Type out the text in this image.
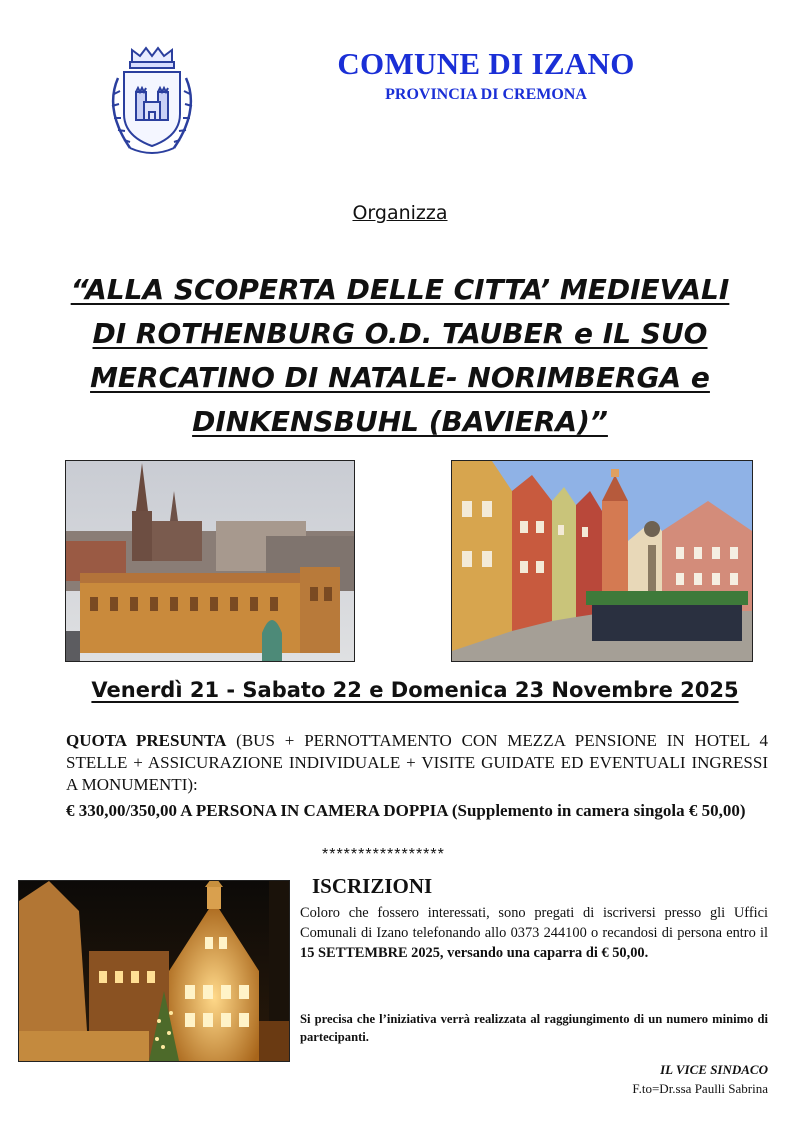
COMUNE DI IZANO
PROVINCIA DI CREMONA
Organizza
“ALLA SCOPERTA DELLE CITTA’ MEDIEVALI
DI ROTHENBURG O.D. TAUBER e IL SUO
MERCATINO DI NATALE- NORIMBERGA e
DINKENSBUHL (BAVIERA)”
Venerdì 21 - Sabato 22 e Domenica 23 Novembre 2025
QUOTA PRESUNTA (BUS + PERNOTTAMENTO CON MEZZA PENSIONE IN HOTEL 4 STELLE + ASSICURAZIONE INDIVIDUALE + VISITE GUIDATE ED EVENTUALI INGRESSI A MONUMENTI):
€ 330,00/350,00 A PERSONA IN CAMERA DOPPIA (Supplemento in camera singola € 50,00)
*****************
ISCRIZIONI
Coloro che fossero interessati, sono pregati di iscriversi presso gli Uffici Comunali di Izano telefonando allo 0373 244100 o recandosi di persona entro il 15 SETTEMBRE 2025, versando una caparra di € 50,00.
Si precisa che l’iniziativa verrà realizzata al raggiungimento di un numero minimo di partecipanti.
IL VICE SINDACO
F.to=Dr.ssa Paulli Sabrina
